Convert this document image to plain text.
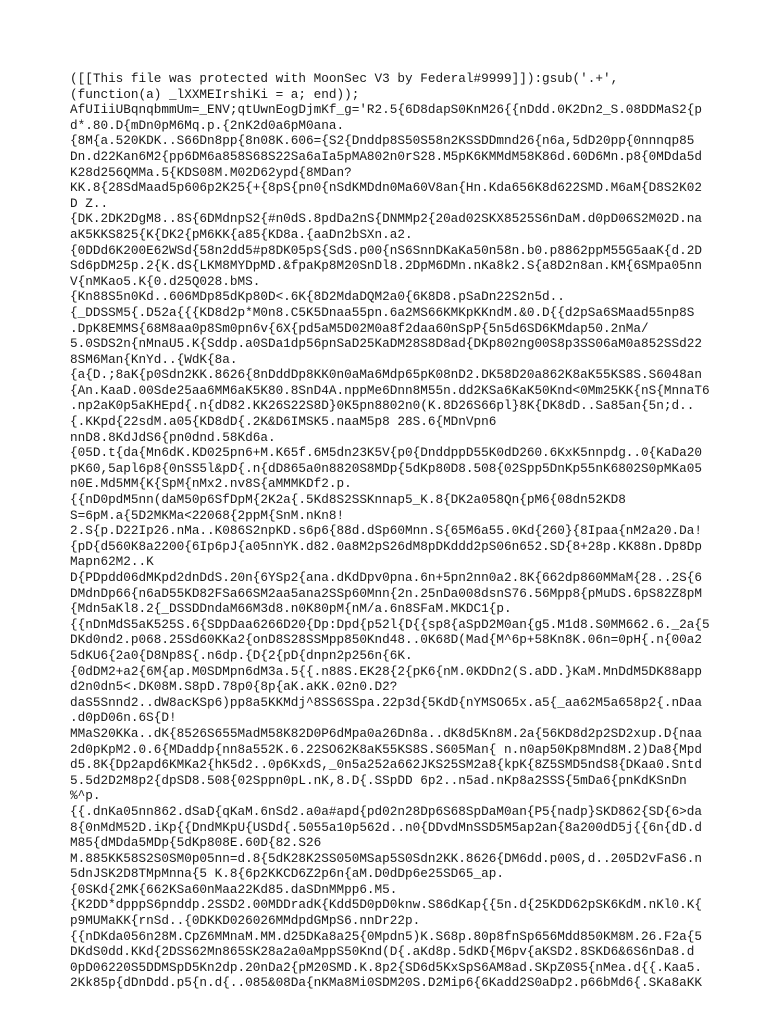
([[This file was protected with MoonSec V3 by Federal#9999]]):gsub('.+',
(function(a) _lXXMEIrshiKi = a; end));
AfUIiiUBqnqbmmUm=_ENV;qtUwnEogDjmKf_g='R2.5{6D8dapS0KnM26{{nDdd.0K2Dn2_S.08DDMaS2{p
d*.80.D{mDn0pM6Mq.p.{2nK2d0a6pM0ana.
{8M{a.520KDK..S66Dn8pp{8n08K.606={S2{Dnddp8S50S58n2KSSDDmnd26{n6a,5dD20pp{0nnnqp85
Dn.d22Kan6M2{pp6DM6a858S68S22Sa6aIa5pMA802n0rS28.M5pK6KMMdM58K86d.60D6Mn.p8{0MDda5d
K28d256QMMa.5{KDS08M.M02D62ypd{8MDan?
KK.8{28SdMaad5p606p2K25{+{8pS{pn0{nSdKMDdn0Ma60V8an{Hn.Kda656K8d622SMD.M6aM{D8S2K02
D Z..
{DK.2DK2DgM8..8S{6DMdnpS2{#n0dS.8pdDa2nS{DNMMp2{20ad02SKX8525S6nDaM.d0pD06S2M02D.na
aK5KKS825{K{DK2{pM6KK{a85{KD8a.{aaDn2bSXn.a2.
{0DDd6K200E62WSd{58n2dd5#p8DK05pS{SdS.p00{nS6SnnDKaKa50n58n.b0.p8862ppM55G5aaK{d.2D
Sd6pDM25p.2{K.dS{LKM8MYDpMD.&fpaKp8M20SnDl8.2DpM6DMn.nKa8k2.S{a8D2n8an.KM{6SMpa05nn
V{nMKao5.K{0.d25Q028.bMS.
{Kn88S5n0Kd..606MDp85dKp80D<.6K{8D2MdaDQM2a0{6K8D8.pSaDn22S2n5d..
{_DDSSM5{.D52a{{{KD8d2p*M0n8.C5K5Dnaa55pn.6a2MS66KMKpKKndM.&0.D{{d2pSa6SMaad55np8S
.DpK8EMMS{68M8aa0p8Sm0pn6v{6X{pd5aM5D02M0a8f2daa60nSpP{5n5d6SD6KMdap50.2nMa/
5.0SDS2n{nMnaU5.K{Sddp.a0SDa1dp56pnSaD25KaDM28S8D8ad{DKp802ng00S8p3SS06aM0a852SSd22
8SM6Man{KnYd..{WdK{8a.
{a{D.;8aK{p0Sdn2KK.8626{8nDddDp8KK0n0aMa6Mdp65pK08nD2.DK58D20a862K8aK55KS8S.S6048an
{An.KaaD.00Sde25aa6MM6aK5K80.8SnD4A.nppMe6Dnn8M55n.dd2KSa6KaK50Knd<0Mm25KK{nS{MnnaT6
.np2aK0p5aKHEpd{.n{dD82.KK26S22S8D}0K5pn8802n0(K.8D26S66pl}8K{DK8dD..Sa85an{5n;d..
{.KKpd{22sdM.a05{KD8dD{.2K&D6IMSK5.naaM5p8 28S.6{MDnVpn6
nnD8.8KdJdS6{pn0dnd.58Kd6a.
{05D.t{da{Mn6dK.KD025pn6+M.K65f.6M5dn23K5V{p0{DnddppD55K0dD260.6KxK5nnpdg..0{KaDa20
pK60,5apl6p8{0nSS5l&pD{.n{dD865a0n8820S8MDp{5dKp80D8.508{02Spp5DnKp55nK6802S0pMKa05
n0E.Md5MM{K{SpM{nMx2.nv8S{aMMMKDf2.p.
{{nD0pdM5nn(daM50p6SfDpM{2K2a{.5Kd8S2SSKnnap5_K.8{DK2a058Qn{pM6{08dn52KD8
S=6pM.a{5D2MKMa<22068{2ppM{SnM.nKn8!
2.S{p.D22Ip26.nMa..K086S2npKD.s6p6{88d.dSp60Mnn.S{65M6a55.0Kd{260}{8Ipaa{nM2a20.Da!
{pD{d560K8a2200{6Ip6pJ{a05nnYK.d82.0a8M2pS26dM8pDKddd2pS06n652.SD{8+28p.KK88n.Dp8Dp
Mapn62M2..K
D{PDpdd06dMKpd2dnDdS.20n{6YSp2{ana.dKdDpv0pna.6n+5pn2nn0a2.8K{662dp860MMaM{28..2S{6
DMdnDp66{n6aD55KD82FSa66SM2aa5ana2SSp60Mnn{2n.25nDa008dsnS76.56Mpp8{pMuDS.6pS82Z8pM
{Mdn5aKl8.2{_DSSDDndaM66M3d8.n0K80pM{nM/a.6n8SFaM.MKDC1{p.
{{nDnMdS5aK525S.6{SDpDaa6266D20{Dp:Dpd{p52l{D{{sp8{aSpD2M0an{g5.M1d8.S0MM662.6._2a{5
DKd0nd2.p068.25Sd60KKa2{onD8S28SSMpp850Knd48..0K68D(Mad{M^6p+58Kn8K.06n=0pH{.n{00a2
5dKU6{2a0{D8Np8S{.n6dp.{D{2{pD{dnpn2p256n{6K.
{0dDM2+a2{6M{ap.M0SDMpn6dM3a.5{{.n88S.EK28{2{pK6{nM.0KDDn2(S.aDD.}KaM.MnDdM5DK88app
d2n0dn5<.DK08M.S8pD.78p0{8p{aK.aKK.02n0.D2?
daS5Snnd2..dW8acKSp6)pp8a5KKMdj^8SS6SSpa.22p3d{5KdD{nYMSO65x.a5{_aa62M5a658p2{.nDaa
.d0pD06n.6S{D!
MMaS20KKa..dK{8526S655MadM58K82D0P6dMpa0a26Dn8a..dK8d5Kn8M.2a{56KD8d2p2SD2xup.D{naa
2d0pKpM2.0.6{MDaddp{nn8a552K.6.22SO62K8aK55KS8S.S605Man{ n.n0ap50Kp8Mnd8M.2)Da8{Mpd
d5.8K{Dp2apd6KMKa2{hK5d2..0p6KxdS,_0n5a252a662JKS25SM2a8{kpK{8Z5SMD5ndS8{DKaa0.Sntd
5.5d2D2M8p2{dpSD8.508{02Sppn0pL.nK,8.D{.SSpDD 6p2..n5ad.nKp8a2SSS{5mDa6{pnKdKSnDn
%^p.
{{.dnKa05nn862.dSaD{qKaM.6nSd2.a0a#apd{pd02n28Dp6S68SpDaM0an{P5{nadp}SKD862{SD{6>da
8{0nMdM52D.iKp{{DndMKpU{USDd{.5055a10p562d..n0{DDvdMnSSD5M5ap2an{8a200dD5j{{6n{dD.d
M85{dMDda5MDp{5dKp808E.60D{82.S26
M.885KK58S2S0SM0p05nn=d.8{5dK28K2SS050MSap5S0Sdn2KK.8626{DM6dd.p00S,d..205D2vFaS6.n
5dnJSK2D8TMpMnna{5 K.8{6p2KKCD6Z2p6n{aM.D0dDp6e25SD65_ap.
{0SKd{2MK{662KSa60nMaa22Kd85.daSDnMMpp6.M5.
{K2DD*dpppS6pnddp.2SSD2.00MDDradK{Kdd5D0pD0knw.S86dKap{{5n.d{25KDD62pSK6KdM.nKl0.K{
p9MUMaKK{rnSd..{0DKKD026026MMdpdGMpS6.nnDr22p.
{{nDKda056n28M.CpZ6MMnaM.MM.d25DKa8a25{0Mpdn5)K.S68p.80p8fnSp656Mdd850KM8M.26.F2a{5
DKdS0dd.KKd{2DSS62Mn865SK28a2a0aMppS50Knd(D{.aKd8p.5dKD{M6pv{aKSD2.8SKD6&6S6nDa8.d
0pD06220S5DDMSpD5Kn2dp.20nDa2{pM20SMD.K.8p2{SD6d5KxSpS6AM8ad.SKpZ0S5{nMea.d{{.Kaa5.
2Kk85p{dDnDdd.p5{n.d{..085&08Da{nKMa8Mi0SDM20S.D2Mip6{6Kadd2S0aDp2.p66bMd6{.SKa8aKK
